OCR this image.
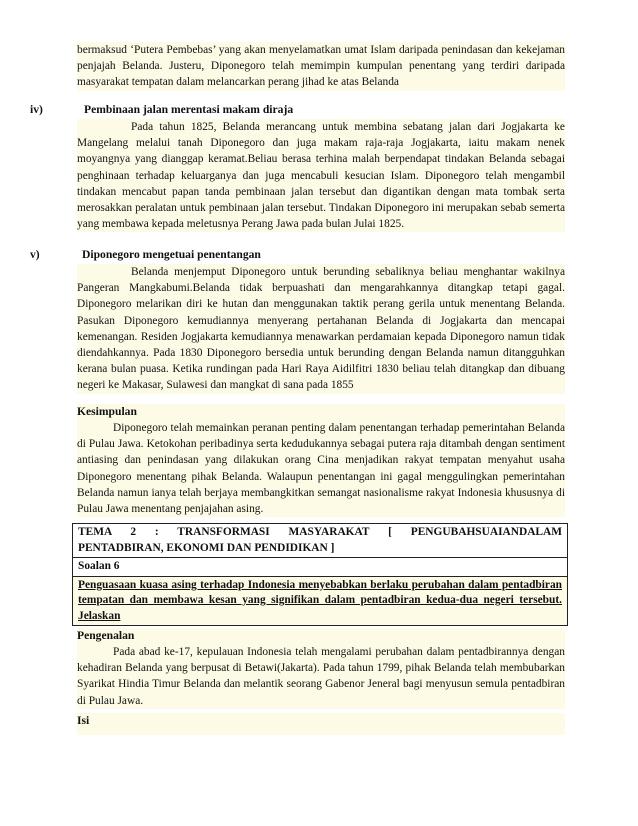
bermaksud ‘Putera Pembebas’ yang akan menyelamatkan umat Islam daripada penindasan dan kekejaman penjajah Belanda. Justeru, Diponegoro telah memimpin kumpulan penentang yang terdiri daripada masyarakat tempatan dalam melancarkan perang jihad ke atas Belanda

iv)	Pembinaan jalan merentasi makam diraja

Pada tahun 1825, Belanda merancang untuk membina sebatang jalan dari Jogjakarta ke Mangelang melalui tanah Diponegoro dan juga makam raja-raja Jogjakarta, iaitu makam nenek moyangnya yang dianggap keramat.Beliau berasa terhina malah berpendapat tindakan Belanda sebagai penghinaan terhadap keluarganya dan juga mencabuli kesucian Islam. Diponegoro telah mengambil tindakan mencabut papan tanda pembinaan jalan tersebut dan digantikan dengan mata tombak serta merosakkan peralatan untuk pembinaan jalan tersebut. Tindakan Diponegoro ini merupakan sebab semerta yang membawa kepada meletusnya Perang Jawa pada bulan Julai 1825.

v)	Diponegoro mengetuai penentangan

Belanda menjemput Diponegoro untuk berunding sebaliknya beliau menghantar wakilnya Pangeran Mangkabumi.Belanda tidak berpuashati dan mengarahkannya ditangkap tetapi gagal. Diponegoro melarikan diri ke hutan dan menggunakan taktik perang gerila untuk menentang Belanda. Pasukan Diponegoro kemudiannya menyerang pertahanan Belanda di Jogjakarta dan mencapai kemenangan. Residen Jogjakarta kemudiannya menawarkan perdamaian kepada Diponegoro namun tidak diendahkannya. Pada 1830 Diponegoro bersedia untuk berunding dengan Belanda namun ditangguhkan kerana bulan puasa. Ketika rundingan pada Hari Raya Aidilfitri 1830 beliau telah ditangkap dan dibuang negeri ke Makasar, Sulawesi dan mangkat di sana pada 1855

Kesimpulan

Diponegoro telah memainkan peranan penting dalam penentangan terhadap pemerintahan Belanda di Pulau Jawa. Ketokohan peribadinya serta kedudukannya sebagai putera raja ditambah dengan sentiment antiasing dan penindasan yang dilakukan orang Cina menjadikan rakyat tempatan menyahut usaha Diponegoro menentang pihak Belanda. Walaupun penentangan ini gagal menggulingkan pemerintahan Belanda namun ianya telah berjaya membangkitkan semangat nasionalisme rakyat Indonesia khususnya di Pulau Jawa menentang penjajahan asing.

TEMA 2 : TRANSFORMASI MASYARAKAT [ PENGUBAHSUAIANDALAM
PENTADBIRAN, EKONOMI DAN PENDIDIKAN ]
Soalan 6
Penguasaan kuasa asing terhadap Indonesia menyebabkan berlaku perubahan dalam pentadbiran tempatan dan membawa kesan yang signifikan dalam pentadbiran kedua-dua negeri tersebut. Jelaskan

Pengenalan

Pada abad ke-17, kepulauan Indonesia telah mengalami perubahan dalam pentadbirannya dengan kehadiran Belanda yang berpusat di Betawi(Jakarta). Pada tahun 1799, pihak Belanda telah membubarkan Syarikat Hindia Timur Belanda dan melantik seorang Gabenor Jeneral bagi menyusun semula pentadbiran di Pulau Jawa.

Isi
